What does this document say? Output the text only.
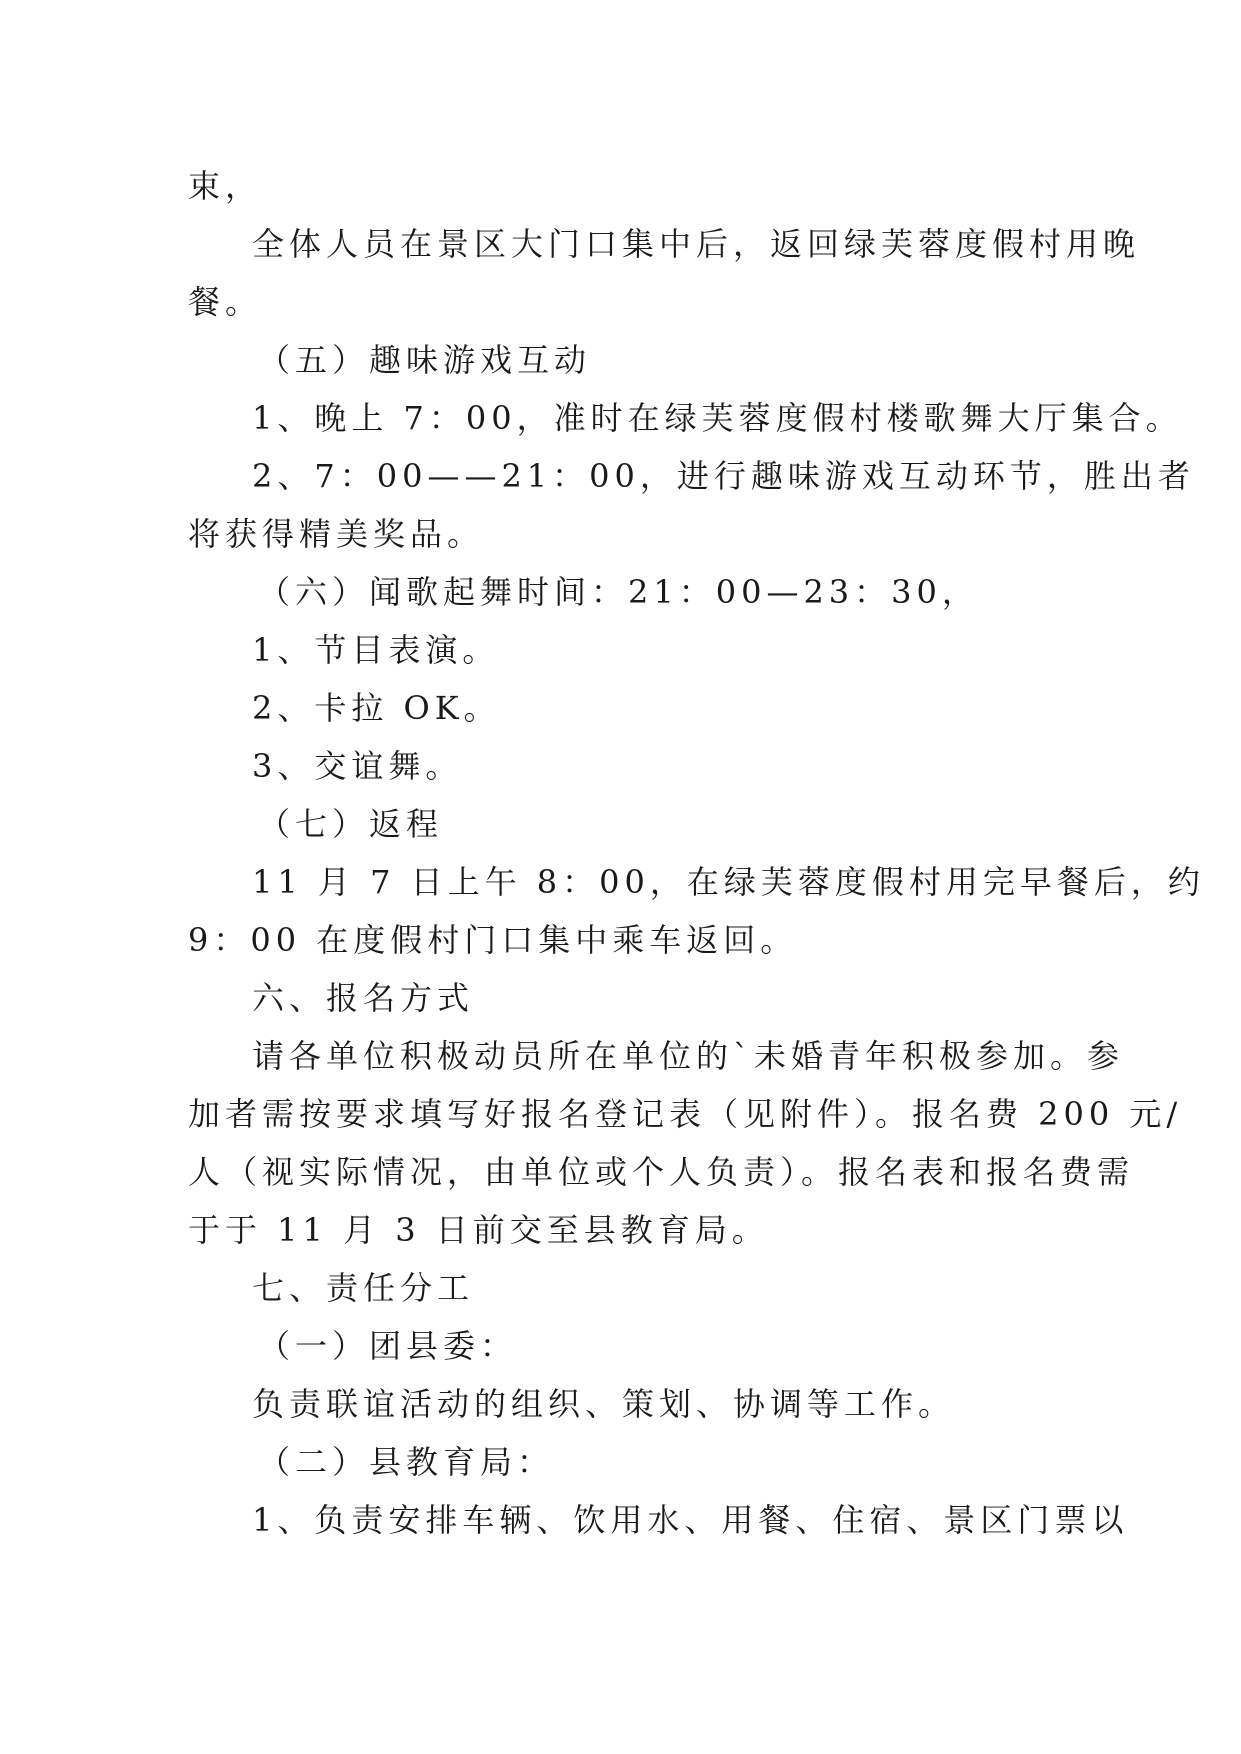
束，
全体人员在景区大门口集中后，返回绿芙蓉度假村用晚
餐。
（五）趣味游戏互动
1、晚上 7：00，准时在绿芙蓉度假村楼歌舞大厅集合。
2、7：00——21：00，进行趣味游戏互动环节，胜出者
将获得精美奖品。
（六）闻歌起舞时间：21：00—23：30，
1、节目表演。
2、卡拉 OK。
3、交谊舞。
（七）返程
11 月 7 日上午 8：00，在绿芙蓉度假村用完早餐后，约
9：00 在度假村门口集中乘车返回。
六、报名方式
请各单位积极动员所在单位的`未婚青年积极参加。参
加者需按要求填写好报名登记表（见附件）。报名费 200 元/
人（视实际情况，由单位或个人负责）。报名表和报名费需
于于 11 月 3 日前交至县教育局。
七、责任分工
（一）团县委：
负责联谊活动的组织、策划、协调等工作。
（二）县教育局：
1、负责安排车辆、饮用水、用餐、住宿、景区门票以
